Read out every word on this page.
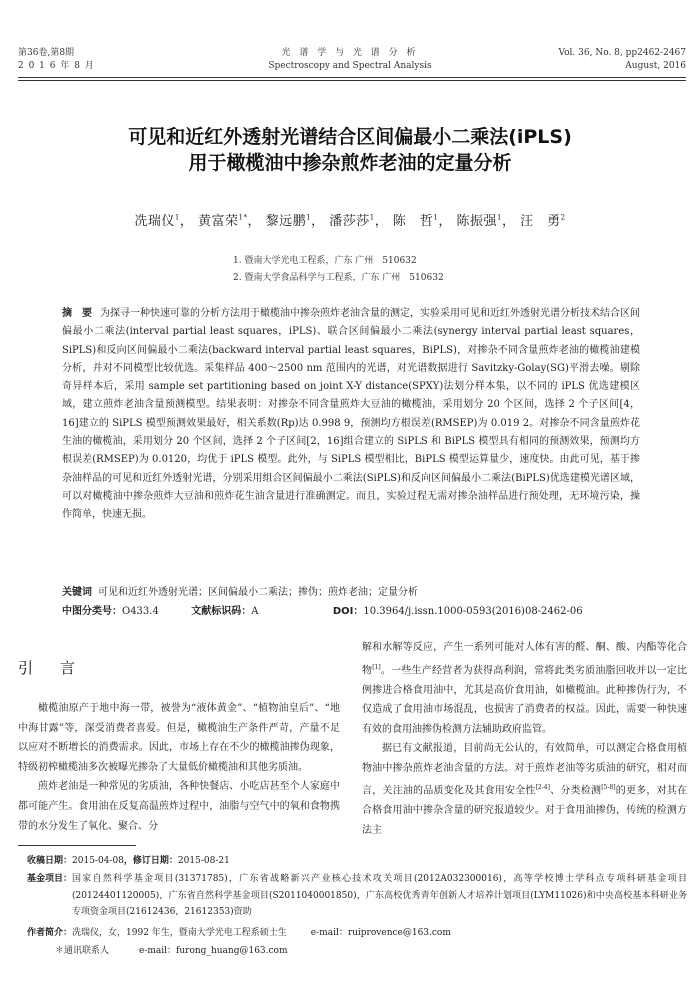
第36卷,第8期
2 0 1 6 年 8 月
光 谱 学 与 光 谱 分 析
Spectroscopy and Spectral Analysis
Vol. 36, No. 8, pp2462-2467
August, 2016
可见和近红外透射光谱结合区间偏最小二乘法(iPLS)
用于橄榄油中掺杂煎炸老油的定量分析
冼瑞仪$^1$， 黄富荣$^{1*}$， 黎远鹏$^1$， 潘莎莎$^1$， 陈　哲$^1$， 陈振强$^1$， 汪　勇$^2$
1. 暨南大学光电工程系，广东 广州　510632
2. 暨南大学食品科学与工程系，广东 广州　510632
摘　要 为探寻一种快速可靠的分析方法用于橄榄油中掺杂煎炸老油含量的测定，实验采用可见和近红外透射光谱分析技术结合区间偏最小二乘法(interval partial least squares，iPLS)、联合区间偏最小二乘法(synergy interval partial least squares，SiPLS)和反向区间偏最小二乘法(backward interval partial least squares，BiPLS)，对掺杂不同含量煎炸老油的橄榄油建模分析，并对不同模型比较优选。采集样品 400～2500 nm 范围内的光谱，对光谱数据进行 Savitzky-Golay(SG)平滑去噪。剔除奇异样本后，采用 sample set partitioning based on joint X-Y distance(SPXY)法划分样本集，以不同的 iPLS 优选建模区域，建立煎炸老油含量预测模型。结果表明：对掺杂不同含量煎炸大豆油的橄榄油，采用划分 20 个区间，选择 2 个子区间[4，16]建立的 SiPLS 模型预测效果最好，相关系数(Rp)达 0.998 9，预测均方根误差(RMSEP)为 0.019 2。对掺杂不同含量煎炸花生油的橄榄油，采用划分 20 个区间，选择 2 个子区间[2，16]组合建立的 SiPLS 和 BiPLS 模型具有相同的预测效果，预测均方根误差(RMSEP)为 0.0120，均优于 iPLS 模型。此外，与 SiPLS 模型相比，BiPLS 模型运算量少，速度快。由此可见，基于掺杂油样品的可见和近红外透射光谱，分别采用组合区间偏最小二乘法(SiPLS)和反向区间偏最小二乘法(BiPLS)优选建模光谱区域，可以对橄榄油中掺杂煎炸大豆油和煎炸花生油含量进行准确测定。而且，实验过程无需对掺杂油样品进行预处理，无环境污染，操作简单，快速无损。
关键词 可见和近红外透射光谱；区间偏最小二乘法；掺伪；煎炸老油；定量分析
中图分类号：O433.4	文献标识码：A	DOI：10.3964/j.issn.1000-0593(2016)08-2462-06
引　言

橄榄油原产于地中海一带，被誉为“液体黄金”、“植物油皇后”、“地中海甘露”等，深受消费者喜爱。但是，橄榄油生产条件严苛，产量不足以应对不断增长的消费需求。因此，市场上存在不少的橄榄油掺伪现象，特级初榨橄榄油多次被曝光掺杂了大量低价橄榄油和其他劣质油。

煎炸老油是一种常见的劣质油，各种快餐店、小吃店甚至个人家庭中都可能产生。食用油在反复高温煎炸过程中，油脂与空气中的氧和食物携带的水分发生了氧化、聚合、分

解和水解等反应，产生一系列可能对人体有害的醛、酮、酸、内酯等化合物[1]。一些生产经营者为获得高利润，常将此类劣质油脂回收并以一定比例掺进合格食用油中，尤其是高价食用油，如橄榄油。此种掺伪行为，不仅造成了食用油市场混乱，也损害了消费者的权益。因此，需要一种快速有效的食用油掺伪检测方法辅助政府监管。

据已有文献报道，目前尚无公认的，有效简单，可以测定合格食用植物油中掺杂煎炸老油含量的方法。对于煎炸老油等劣质油的研究，相对而言，关注油的品质变化及其食用安全性[2-4]、分类检测[5-8]的更多，对其在合格食用油中掺杂含量的研究报道较少。对于食用油掺伪，传统的检测方法主

收稿日期：2015-04-08，修订日期：2015-08-21
基金项目： 国家自然科学基金项目(31371785)，广东省战略新兴产业核心技术攻关项目(2012A032300016)，高等学校博士学科点专项科研基金项目(20124401120005)，广东省自然科学基金项目(S2011040001850)，广东高校优秀青年创新人才培养计划项目(LYM11026)和中央高校基本科研业务专项资金项目(21612436，21612353)资助
作者简介：冼瑞仪，女，1992 年生，暨南大学光电工程系硕士生	e-mail：ruiprovence@163.com
＊通讯联系人	e-mail：furong_huang@163.com
